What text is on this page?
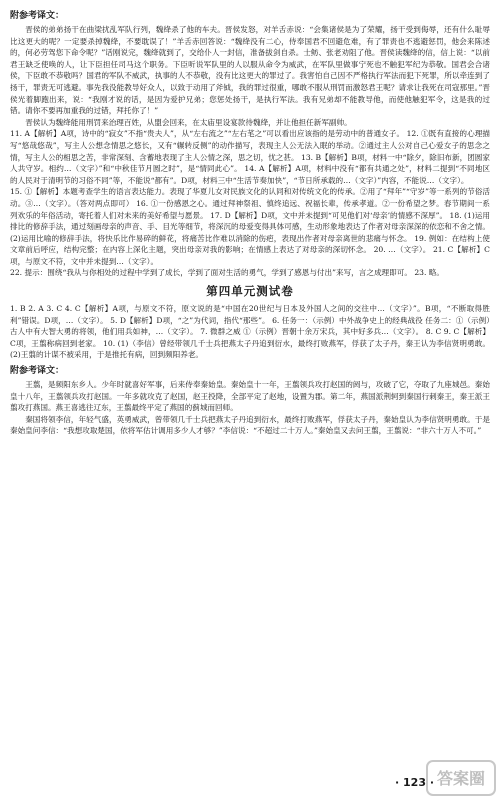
附参考译文：

晋侯的弟弟扬干在曲梁扰乱军队行列，魏绛杀了他的车夫。晋侯发怒，对羊舌赤说：“会集诸侯是为了荣耀，扬干受到侮辱，还有什么耻辱比这更大的呢？一定要杀掉魏绛，不要耽误了！”羊舌赤回答说：“魏绛没有二心，侍奉国君不回避危难，有了罪责也不逃避惩罚，他会来陈述的，何必劳驾您下命令呢？”话刚说完，魏绛就到了，交给仆人一封信，准备拔剑自杀。士鲂、张老劝阻了他。晋侯读魏绛的信，信上说：“以前君王缺乏使唤的人，让下臣担任司马这个职务。下臣听说军队里的人以服从命令为威武，在军队里做事宁死也不触犯军纪为恭敬。国君会合诸侯，下臣敢不恭敬吗？国君的军队不威武，执事的人不恭敬，没有比这更大的罪过了。我害怕自己因不严格执行军法而犯下死罪，所以牵连到了扬干，罪责无可逃避。事先我没能教导好众人，以致于动用了斧钺，我的罪过很重，哪敢不服从刑罚而激怒君王呢？请求让我死在司寇那里。”晋侯光着脚跑出来，说：“我刚才说的话，是因为爱护兄弟；您惩处扬干，是执行军法。我有兄弟却不能教导他，而使他触犯军令，这是我的过错。请你不要再加重我的过错，拜托你了！”

晋侯认为魏绛能用刑罚来治理百姓，从盟会回来，在太庙里设宴款待魏绛，并让他担任新军副帅。

11. A【解析】A项，诗中的“寂女”不指“贵夫人”，从“左右流之”“左右芼之”可以看出应该指的是劳动中的普通女子。 12. ①既有直接的心理描写“悠哉悠哉”，写主人公想念情思之悠长，又有“辗转反侧”的动作描写，表现主人公无法入眠的举动。②通过主人公对自己心爱女子的思念之情，写主人公的相思之苦，非常深刻、含蓄地表现了主人公情之深，思之切，忧之甚。 13. B【解析】B项，材料一中“除夕，除旧布新，团圆家人共守岁。相约…（文字）”和“中秋佳节月圆之时”，是“情同此心”。 14. A【解析】A项，材料中没有“都有共通之处”，材料二提到“不同地区的人民对于清明节的习俗不同”等，不能说“都有”。D项，材料三中“生活节奏加快”，“节日所承载的…（文字）”内容，不能说…（文字）。

15. ①【解析】本题考查学生的语言表达能力。表现了华夏儿女对民族文化的认同和对传统文化的传承。②用了“拜年”“守岁”等一系列的节俗活动。③…（文字）。（答对两点即可） 16. ①一份感恩之心。通过拜神祭祖、慎终追远、祝福长辈，传承孝道。②一份希望之梦。春节期间一系列欢乐的年俗活动，寄托着人们对未来的美好希望与愿景。 17. D【解析】D项，文中并未提到“可见他们对‘母亲’的情感不深厚”。 18. (1)运用排比的修辞手法，通过刻画母亲的声音、手、目光等细节，将深沉的母爱变得具体可感，生动形象地表达了作者对母亲深深的依恋和不舍之情。(2)运用比喻的修辞手法，将快乐比作易碎的鲜花，将痛苦比作难以消除的伤疤，表现出作者对母亲离世的悲痛与怀念。 19. 例如：在结构上使文章前后呼应，结构完整；在内容上深化主题，突出母亲对我的影响；在情感上表达了对母亲的深切怀念。 20. …（文字）。 21. C【解析】C项，与原文不符，文中并未提到…（文字）。

22. 提示：围绕“我从与你相处的过程中学到了成长，学到了面对生活的勇气，学到了感恩与付出”来写，言之成理即可。 23. 略。

第四单元测试卷

1. B 2. A 3. C 4. C【解析】A项，与原文不符，原文说的是“中国在20世纪与日本及外国人之间的交往中…（文字）”。B项，“不断取得胜利”错误。D项，…（文字）。 5. D【解析】D项，“之”为代词，指代“那些”。 6. 任务一：（示例）中外战争史上的经典战役 任务二：①（示例）古人中有大智大勇的将领，他们用兵如神，…（文字）。 7. 微群之威 ①（示例）晋朝十余万宋兵，其中好多兵…（文字）。 8. C 9. C【解析】C项，王翦称病回到老家。 10. (1)（李信）曾经带领几千士兵把燕太子丹追到衍水，最终打败燕军，俘获了太子丹，秦王认为李信贤明勇敢。(2)王翦的计谋不被采用，于是推托有病，回到频阳养老。

附参考译文：

王翦，是频阳东乡人。少年时就喜好军事，后来侍奉秦始皇。秦始皇十一年，王翦领兵攻打赵国的阏与，攻破了它，夺取了九座城邑。秦始皇十八年，王翦领兵攻打赵国。一年多就攻克了赵国，赵王投降，全部平定了赵地，设置为郡。第二年，燕国派荆轲到秦国行刺秦王，秦王派王翦攻打燕国。燕王喜逃往辽东，王翦最终平定了燕国的蓟城而回师。

秦国将领李信，年轻气盛，英勇威武，曾带领几千士兵把燕太子丹追到衍水，最终打败燕军，俘获太子丹，秦始皇认为李信贤明勇敢。于是秦始皇问李信：“我想攻取楚国，依将军估计调用多少人才够？”李信说：“不超过二十万人。”秦始皇又去问王翦，王翦说：“非六十万人不可。”

· 123 · 答案圈
